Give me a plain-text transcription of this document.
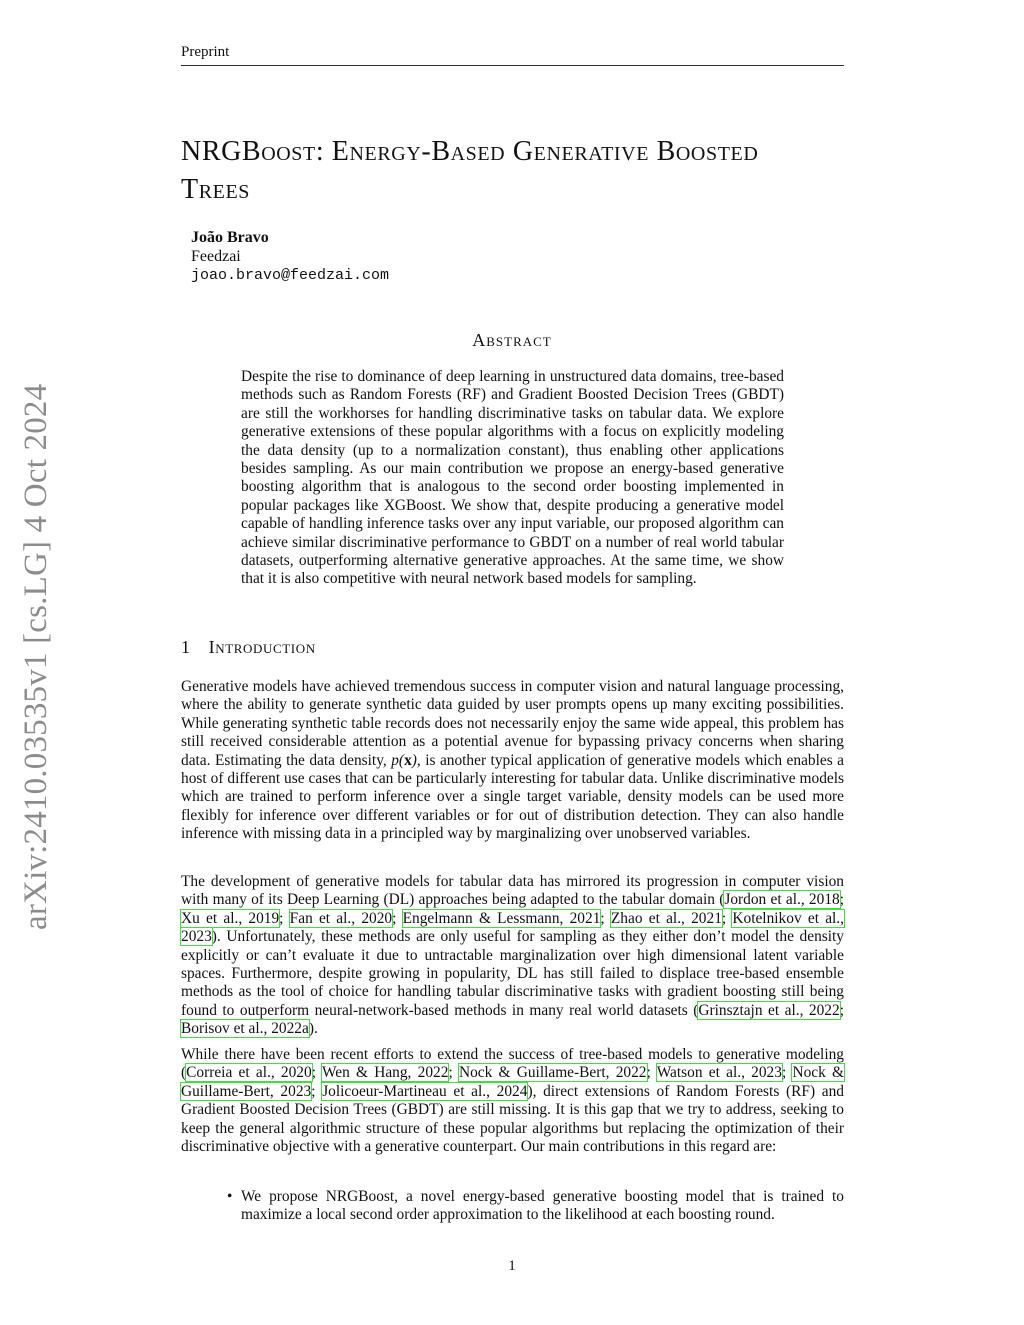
Preprint
arXiv:2410.03535v1 [cs.LG] 4 Oct 2024
NRGBoost: Energy-Based Generative Boosted
Trees
João Bravo
Feedzai
joao.bravo@feedzai.com
Abstract
Despite the rise to dominance of deep learning in unstructured data domains, tree-based methods such as Random Forests (RF) and Gradient Boosted Decision Trees (GBDT) are still the workhorses for handling discriminative tasks on tabular data. We explore generative extensions of these popular algorithms with a focus on explicitly modeling the data density (up to a normalization constant), thus enabling other applications besides sampling. As our main contribution we propose an energy-based generative boosting algorithm that is analogous to the second order boosting implemented in popular packages like XGBoost. We show that, despite producing a generative model capable of handling inference tasks over any input variable, our proposed algorithm can achieve similar discriminative performance to GBDT on a number of real world tabular datasets, outperforming alternative generative approaches. At the same time, we show that it is also competitive with neural network based models for sampling.
1 Introduction
Generative models have achieved tremendous success in computer vision and natural language processing, where the ability to generate synthetic data guided by user prompts opens up many exciting possibilities. While generating synthetic table records does not necessarily enjoy the same wide appeal, this problem has still received considerable attention as a potential avenue for bypassing privacy concerns when sharing data. Estimating the data density, p(x), is another typical application of generative models which enables a host of different use cases that can be particularly interesting for tabular data. Unlike discriminative models which are trained to perform inference over a single target variable, density models can be used more flexibly for inference over different variables or for out of distribution detection. They can also handle inference with missing data in a principled way by marginalizing over unobserved variables.
The development of generative models for tabular data has mirrored its progression in computer vision with many of its Deep Learning (DL) approaches being adapted to the tabular domain (Jordon et al., 2018; Xu et al., 2019; Fan et al., 2020; Engelmann & Lessmann, 2021; Zhao et al., 2021; Kotelnikov et al., 2023). Unfortunately, these methods are only useful for sampling as they either don’t model the density explicitly or can’t evaluate it due to untractable marginalization over high dimensional latent variable spaces. Furthermore, despite growing in popularity, DL has still failed to displace tree-based ensemble methods as the tool of choice for handling tabular discriminative tasks with gradient boosting still being found to outperform neural-network-based methods in many real world datasets (Grinsztajn et al., 2022; Borisov et al., 2022a).
While there have been recent efforts to extend the success of tree-based models to generative modeling (Correia et al., 2020; Wen & Hang, 2022; Nock & Guillame-Bert, 2022; Watson et al., 2023; Nock & Guillame-Bert, 2023; Jolicoeur-Martineau et al., 2024), direct extensions of Random Forests (RF) and Gradient Boosted Decision Trees (GBDT) are still missing. It is this gap that we try to address, seeking to keep the general algorithmic structure of these popular algorithms but replacing the optimization of their discriminative objective with a generative counterpart. Our main contributions in this regard are:
• We propose NRGBoost, a novel energy-based generative boosting model that is trained to maximize a local second order approximation to the likelihood at each boosting round.
1
